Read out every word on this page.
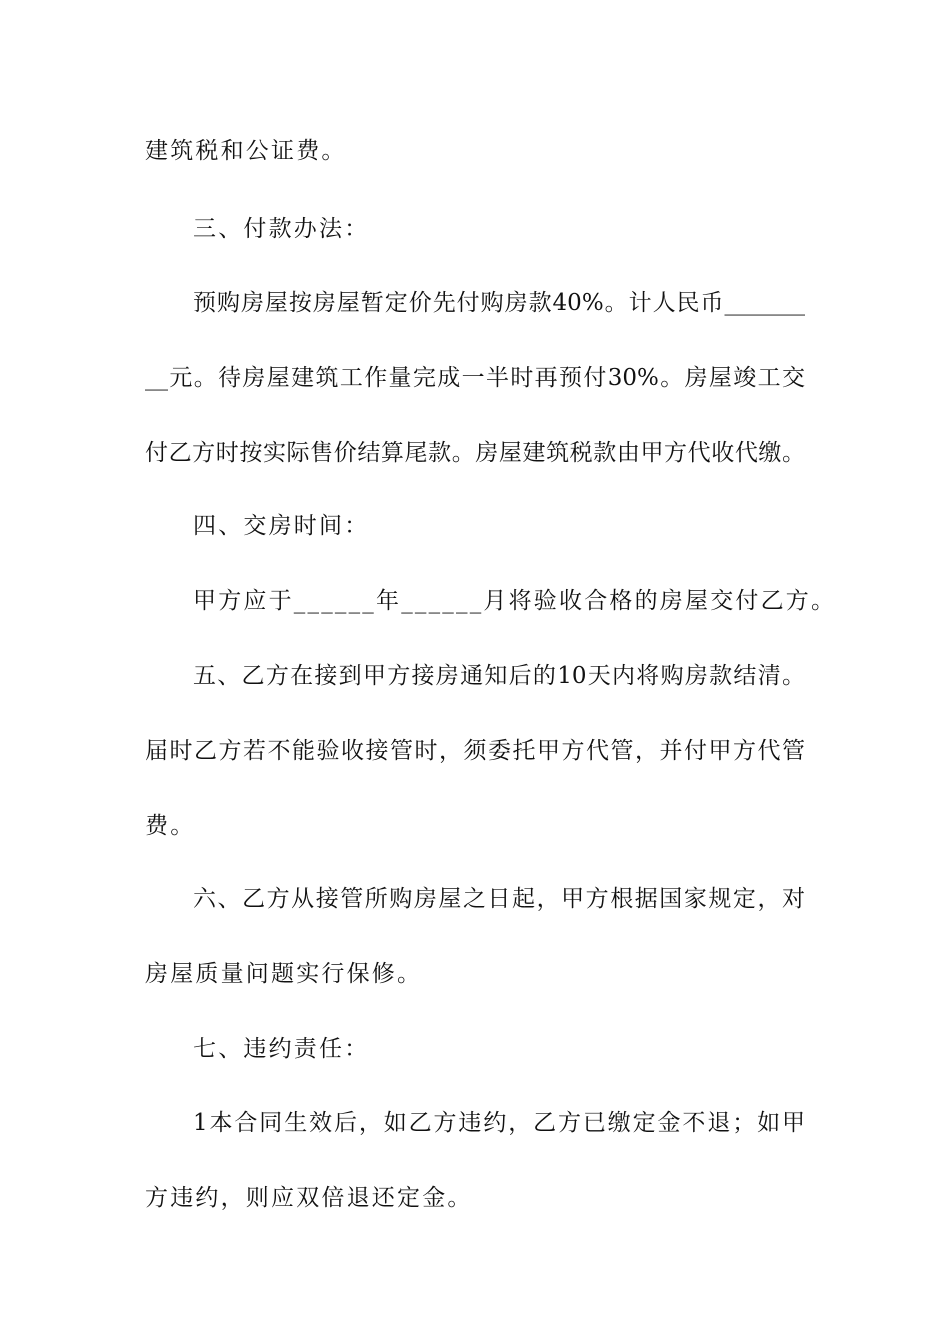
建筑税和公证费。
三、付款办法：
预购房屋按房屋暂定价先付购房款40%。计人民币_______
__元。待房屋建筑工作量完成一半时再预付30%。房屋竣工交
付乙方时按实际售价结算尾款。房屋建筑税款由甲方代收代缴。
四、交房时间：
甲方应于______年______月将验收合格的房屋交付乙方。
五、乙方在接到甲方接房通知后的10天内将购房款结清。
届时乙方若不能验收接管时，须委托甲方代管，并付甲方代管
费。
六、乙方从接管所购房屋之日起，甲方根据国家规定，对
房屋质量问题实行保修。
七、违约责任：
1本合同生效后，如乙方违约，乙方已缴定金不退；如甲
方违约，则应双倍退还定金。
